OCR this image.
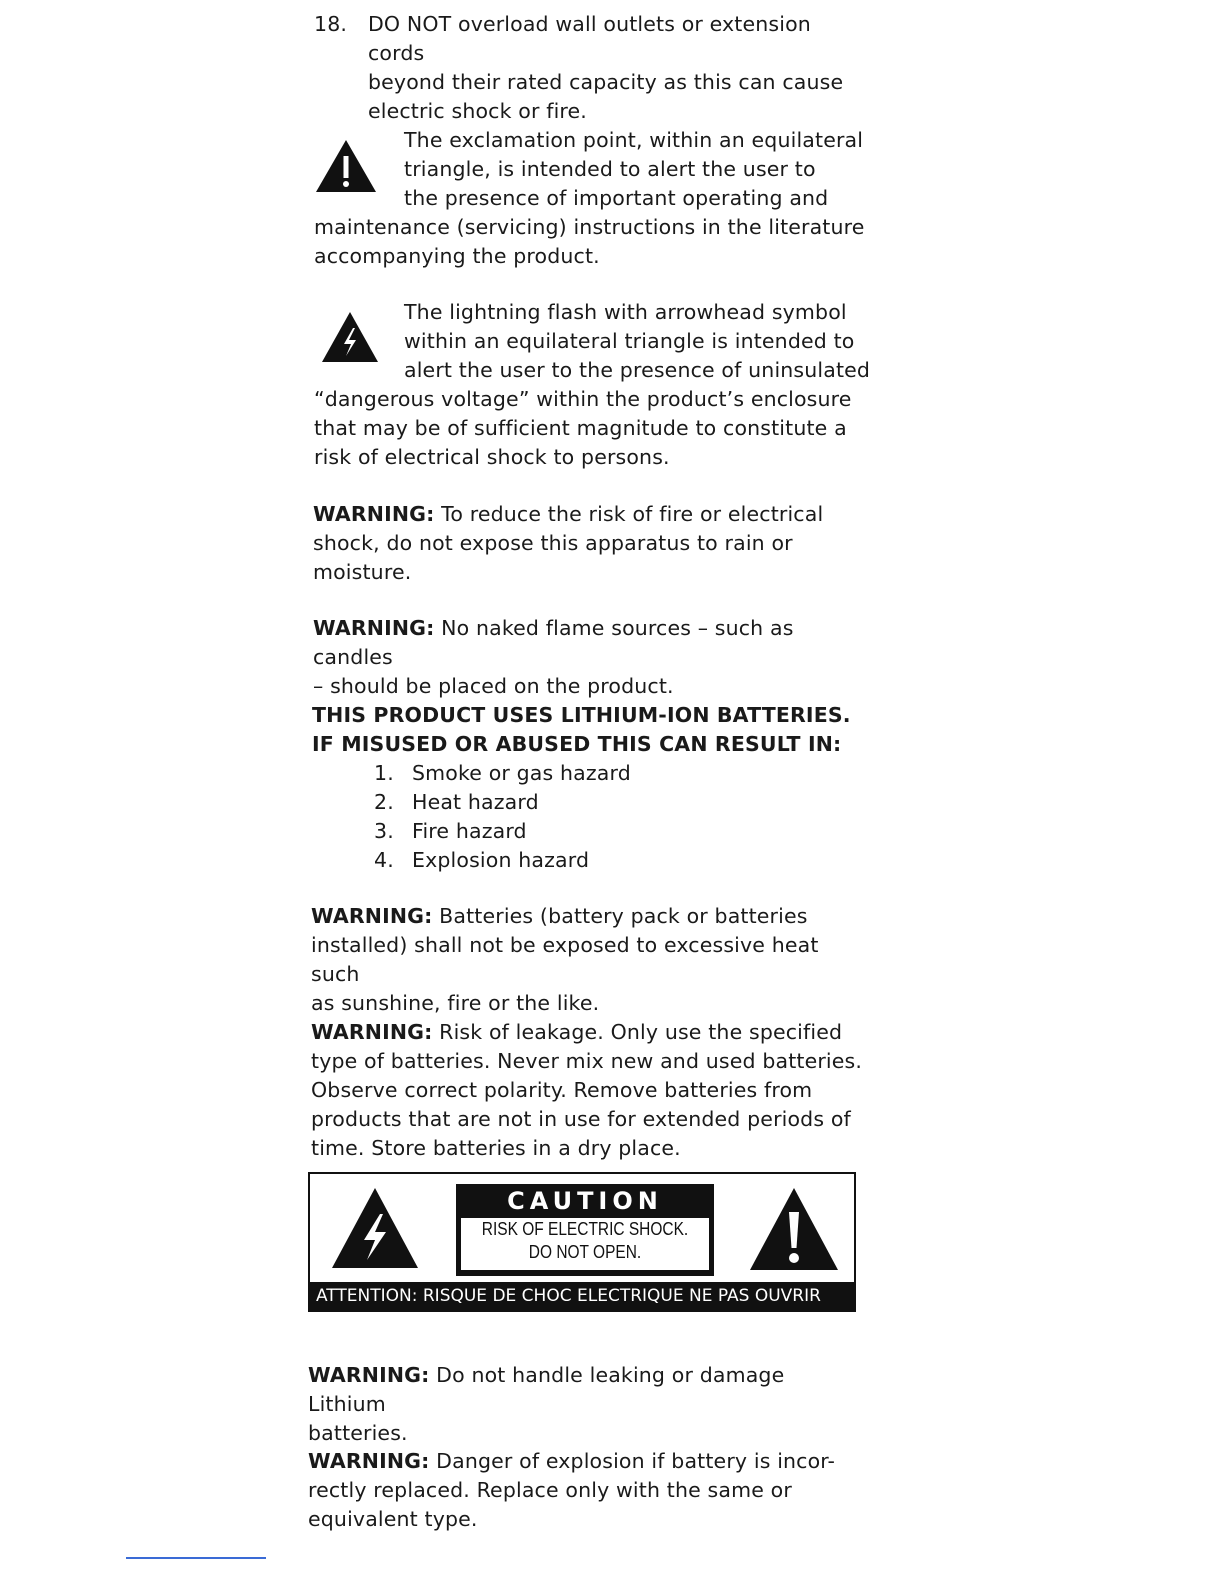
18. DO NOT overload wall outlets or extension cords
beyond their rated capacity as this can cause
electric shock or fire.
The exclamation point, within an equilateral
triangle, is intended to alert the user to
the presence of important operating and
maintenance (servicing) instructions in the literature
accompanying the product.
The lightning flash with arrowhead symbol
within an equilateral triangle is intended to
alert the user to the presence of uninsulated
“dangerous voltage” within the product’s enclosure
that may be of sufficient magnitude to constitute a
risk of electrical shock to persons.
WARNING: To reduce the risk of fire or electrical
shock, do not expose this apparatus to rain or
moisture.
WARNING: No naked flame sources – such as candles
– should be placed on the product.
THIS PRODUCT USES LITHIUM-ION BATTERIES.
IF MISUSED OR ABUSED THIS CAN RESULT IN:
1. Smoke or gas hazard
2. Heat hazard
3. Fire hazard
4. Explosion hazard
WARNING: Batteries (battery pack or batteries
installed) shall not be exposed to excessive heat such
as sunshine, fire or the like.
WARNING: Risk of leakage. Only use the specified
type of batteries. Never mix new and used batteries.
Observe correct polarity. Remove batteries from
products that are not in use for extended periods of
time. Store batteries in a dry place.
CAUTION
RISK OF ELECTRIC SHOCK.
DO NOT OPEN.
ATTENTION: RISQUE DE CHOC ELECTRIQUE NE PAS OUVRIR
WARNING: Do not handle leaking or damage Lithium
batteries.
WARNING: Danger of explosion if battery is incor-
rectly replaced. Replace only with the same or
equivalent type.
